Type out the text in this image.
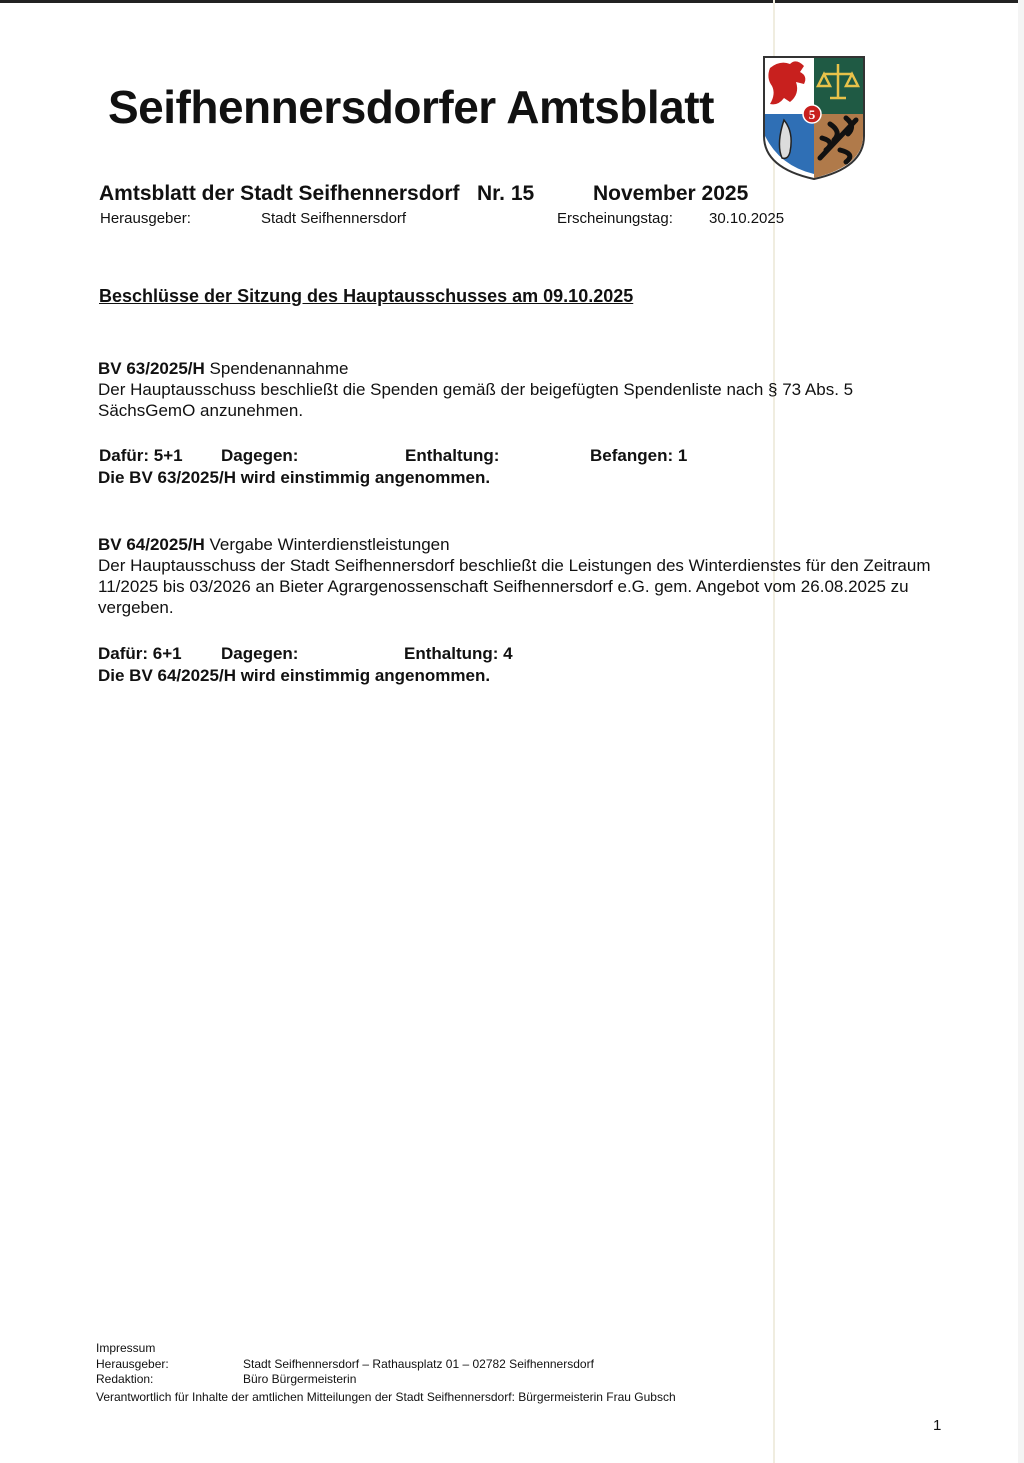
Seifhennersdorfer Amtsblatt	5
Amtsblatt der Stadt Seifhennersdorf Nr. 15	November 2025
Herausgeber:	Stadt Seifhennersdorf	Erscheinungstag: 30.10.2025
Beschlüsse der Sitzung des Hauptausschusses am 09.10.2025
BV 63/2025/H Spendenannahme
Der Hauptausschuss beschließt die Spenden gemäß der beigefügten Spendenliste nach § 73 Abs. 5 SächsGemO anzunehmen.
Dafür: 5+1 Dagegen:	Enthaltung:	Befangen: 1
Die BV 63/2025/H wird einstimmig angenommen.
BV 64/2025/H Vergabe Winterdienstleistungen
Der Hauptausschuss der Stadt Seifhennersdorf beschließt die Leistungen des Winterdienstes für den Zeitraum 11/2025 bis 03/2026 an Bieter Agrargenossenschaft Seifhennersdorf e.G. gem. Angebot vom 26.08.2025 zu vergeben.
Dafür: 6+1 Dagegen:	Enthaltung: 4
Die BV 64/2025/H wird einstimmig angenommen.
Impressum
Herausgeber:	Stadt Seifhennersdorf – Rathausplatz 01 – 02782 Seifhennersdorf
Redaktion:	Büro Bürgermeisterin
Verantwortlich für Inhalte der amtlichen Mitteilungen der Stadt Seifhennersdorf: Bürgermeisterin Frau Gubsch
1
